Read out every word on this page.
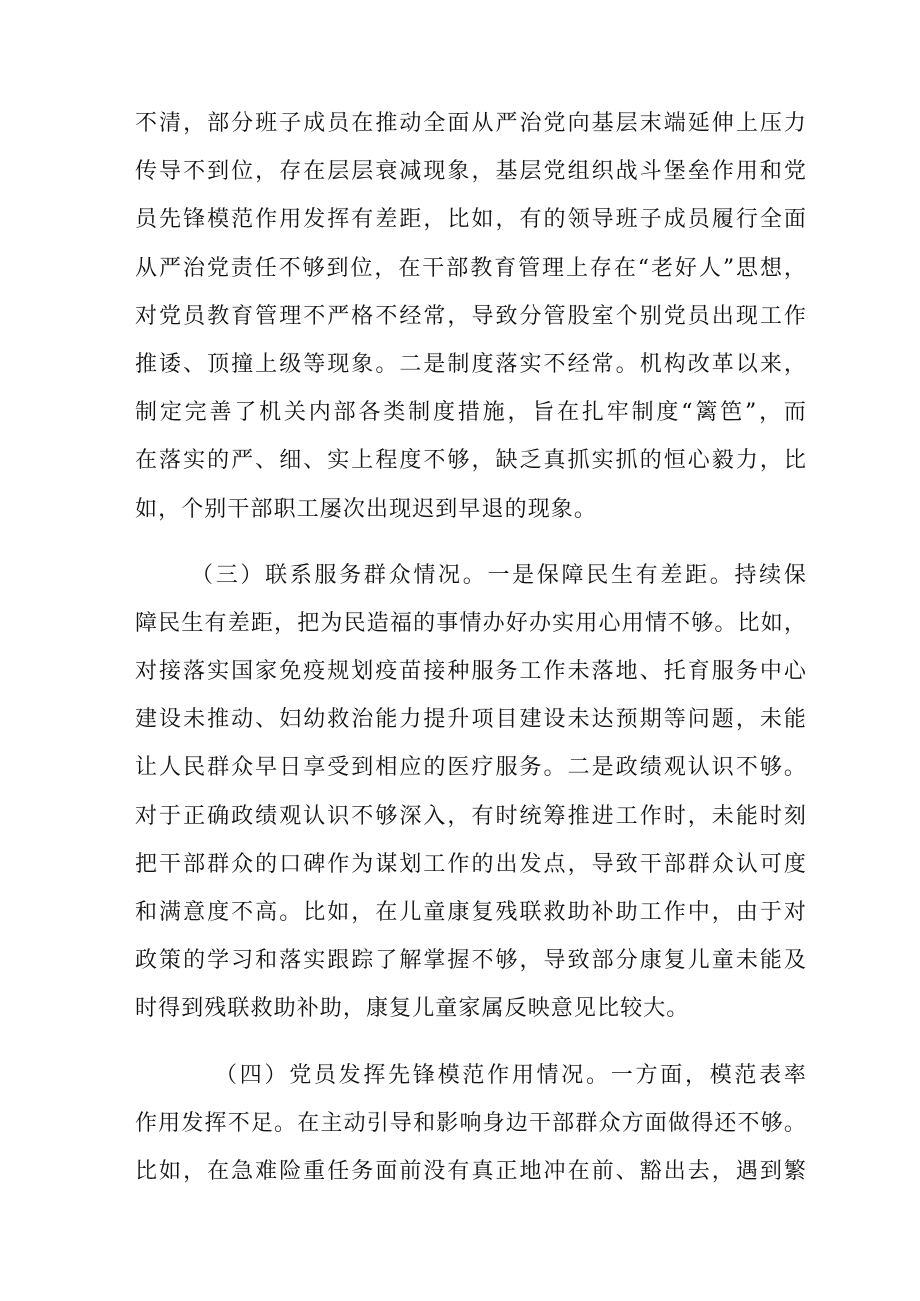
不清，部分班子成员在推动全面从严治党向基层末端延伸上压力
传导不到位，存在层层衰减现象，基层党组织战斗堡垒作用和党
员先锋模范作用发挥有差距，比如，有的领导班子成员履行全面
从严治党责任不够到位，在干部教育管理上存在“老好人”思想，
对党员教育管理不严格不经常，导致分管股室个别党员出现工作
推诿、顶撞上级等现象。二是制度落实不经常。机构改革以来，
制定完善了机关内部各类制度措施，旨在扎牢制度“篱笆”，而
在落实的严、细、实上程度不够，缺乏真抓实抓的恒心毅力，比
如，个别干部职工屡次出现迟到早退的现象。
（三）联系服务群众情况。一是保障民生有差距。持续保
障民生有差距，把为民造福的事情办好办实用心用情不够。比如，
对接落实国家免疫规划疫苗接种服务工作未落地、托育服务中心
建设未推动、妇幼救治能力提升项目建设未达预期等问题，未能
让人民群众早日享受到相应的医疗服务。二是政绩观认识不够。
对于正确政绩观认识不够深入，有时统筹推进工作时，未能时刻
把干部群众的口碑作为谋划工作的出发点，导致干部群众认可度
和满意度不高。比如，在儿童康复残联救助补助工作中，由于对
政策的学习和落实跟踪了解掌握不够，导致部分康复儿童未能及
时得到残联救助补助，康复儿童家属反映意见比较大。
（四）党员发挥先锋模范作用情况。一方面，模范表率
作用发挥不足。在主动引导和影响身边干部群众方面做得还不够。
比如，在急难险重任务面前没有真正地冲在前、豁出去，遇到繁
